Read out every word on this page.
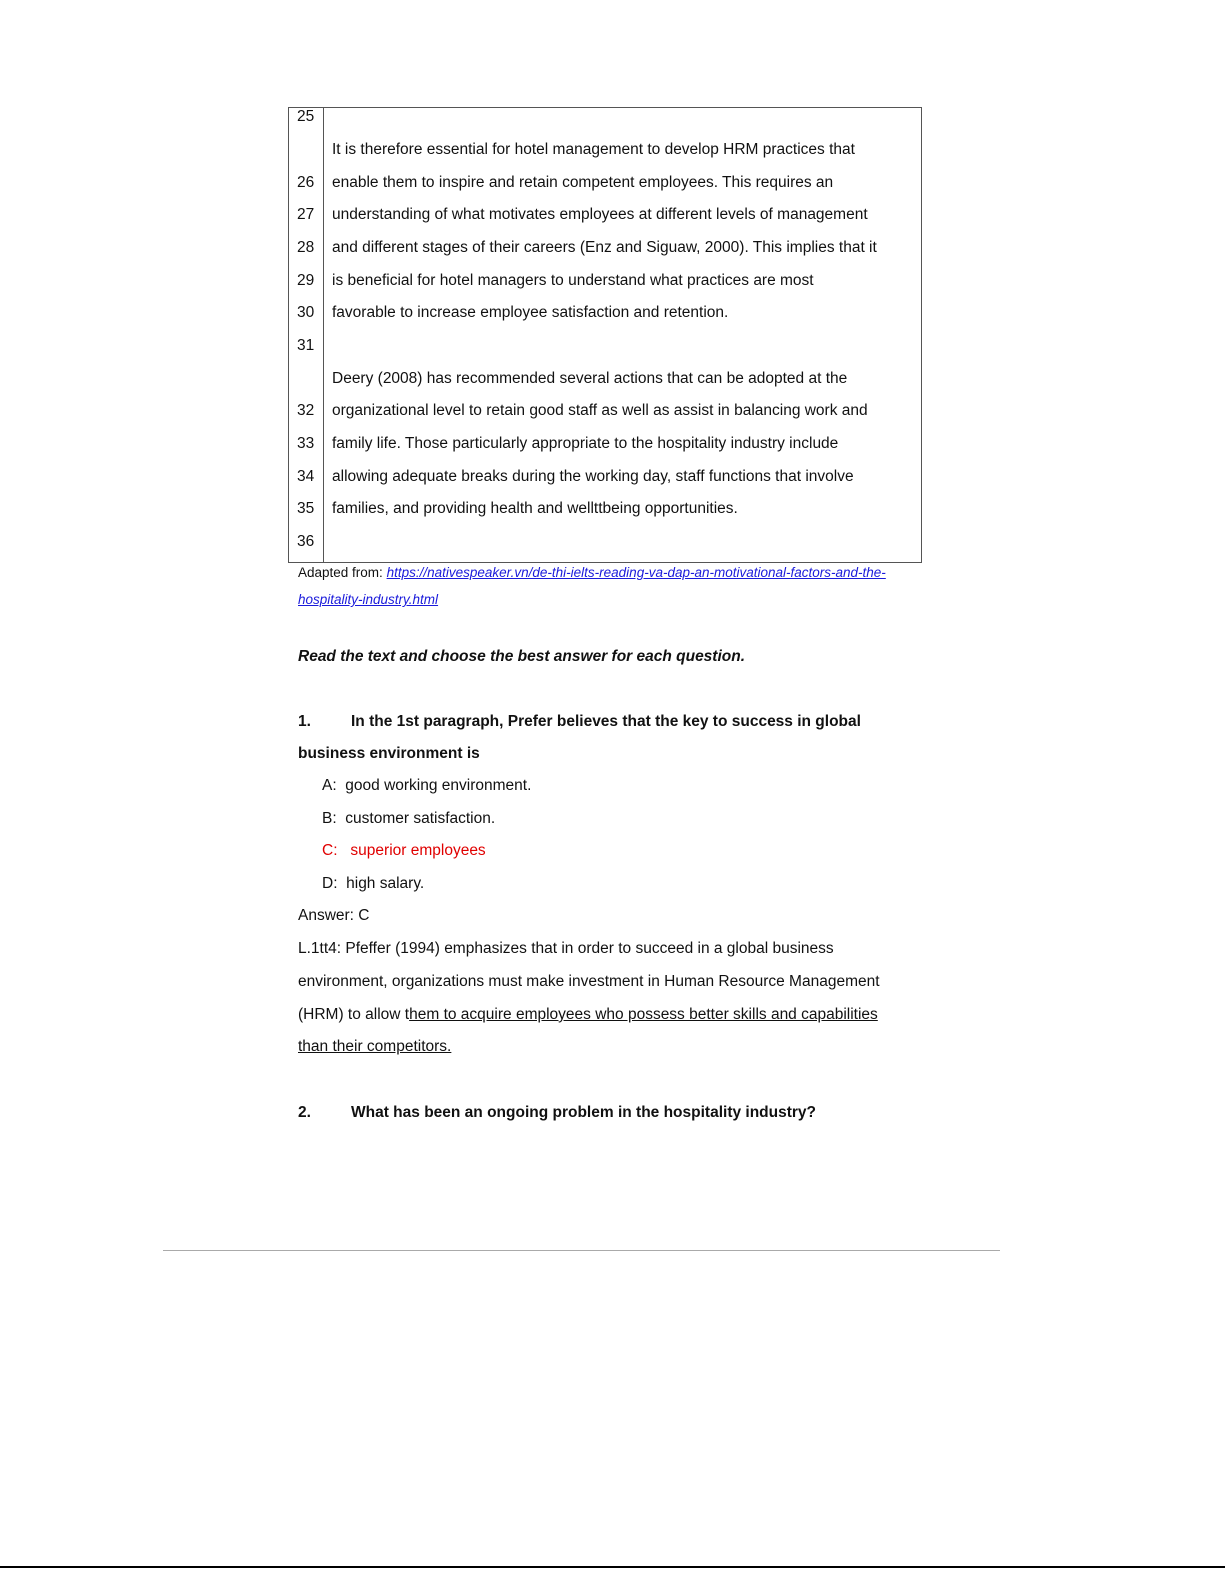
25
It is therefore essential for hotel management to develop HRM practices that
26	enable them to inspire and retain competent employees. This requires an
27	understanding of what motivates employees at different levels of management
28	and different stages of their careers (Enz and Siguaw, 2000). This implies that it
29	is beneficial for hotel managers to understand what practices are most
30	favorable to increase employee satisfaction and retention.
31
Deery (2008) has recommended several actions that can be adopted at the
32	organizational level to retain good staff as well as assist in balancing work and
33	family life. Those particularly appropriate to the hospitality industry include
34	allowing adequate breaks during the working day, staff functions that involve
35	families, and providing health and wellttbeing opportunities.
36
Adapted from: https://nativespeaker.vn/de-thi-ielts-reading-va-dap-an-motivational-factors-and-the-
hospitality-industry.html
Read the text and choose the best answer for each question.
1.	In the 1st paragraph, Prefer believes that the key to success in global
business environment is
A: good working environment.
B: customer satisfaction.
C: superior employees
D: high salary.
Answer: C
L.1tt4: Pfeffer (1994) emphasizes that in order to succeed in a global business
environment, organizations must make investment in Human Resource Management
(HRM) to allow them to acquire employees who possess better skills and capabilities
than their competitors.
2.	What has been an ongoing problem in the hospitality industry?
